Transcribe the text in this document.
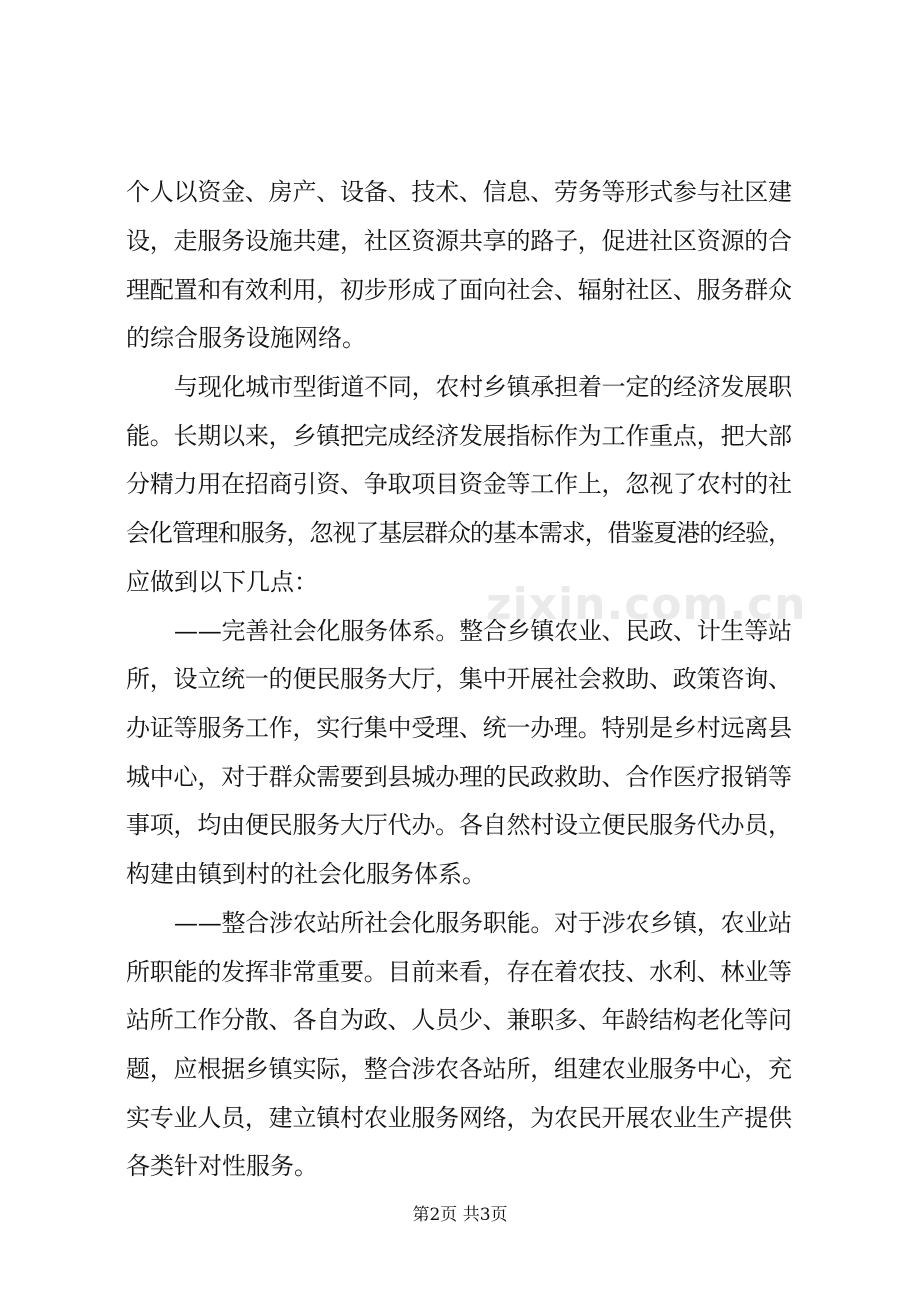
个人以资金、房产、设备、技术、信息、劳务等形式参与社区建
设，走服务设施共建，社区资源共享的路子，促进社区资源的合
理配置和有效利用，初步形成了面向社会、辐射社区、服务群众
的综合服务设施网络。
与现化城市型街道不同，农村乡镇承担着一定的经济发展职
能。长期以来，乡镇把完成经济发展指标作为工作重点，把大部
分精力用在招商引资、争取项目资金等工作上，忽视了农村的社
会化管理和服务，忽视了基层群众的基本需求，借鉴夏港的经验，
应做到以下几点：
——完善社会化服务体系。整合乡镇农业、民政、计生等站
所，设立统一的便民服务大厅，集中开展社会救助、政策咨询、
办证等服务工作，实行集中受理、统一办理。特别是乡村远离县
城中心，对于群众需要到县城办理的民政救助、合作医疗报销等
事项，均由便民服务大厅代办。各自然村设立便民服务代办员，
构建由镇到村的社会化服务体系。
——整合涉农站所社会化服务职能。对于涉农乡镇，农业站
所职能的发挥非常重要。目前来看，存在着农技、水利、林业等
站所工作分散、各自为政、人员少、兼职多、年龄结构老化等问
题，应根据乡镇实际，整合涉农各站所，组建农业服务中心，充
实专业人员，建立镇村农业服务网络，为农民开展农业生产提供
各类针对性服务。
zixin.com.cn
第2页 共3页
